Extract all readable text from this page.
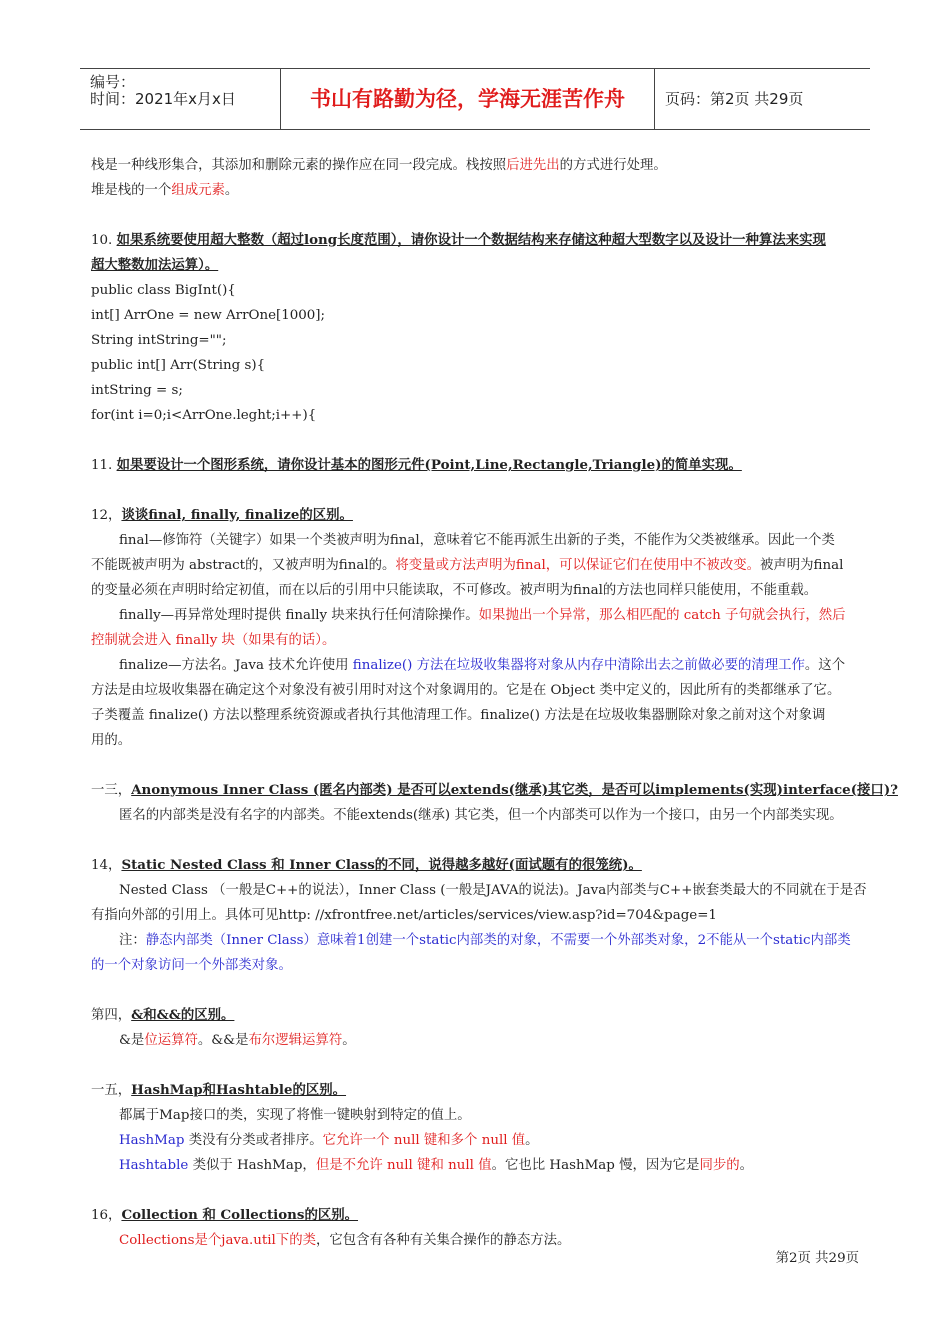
编号：
时间：2021年x月x日	书山有路勤为径，学海无涯苦作舟	页码：第2页 共29页
栈是一种线形集合，其添加和删除元素的操作应在同一段完成。栈按照后进先出的方式进行处理。
堆是栈的一个组成元素。
10. 如果系统要使用超大整数（超过long长度范围），请你设计一个数据结构来存储这种超大型数字以及设计一种算法来实现
超大整数加法运算）。
public class BigInt(){
int[] ArrOne = new ArrOne[1000];
String intString="";
public int[] Arr(String s){
intString = s;
for(int i=0;i<ArrOne.leght;i++){
11. 如果要设计一个图形系统，请你设计基本的图形元件(Point,Line,Rectangle,Triangle)的简单实现。
12，谈谈final, finally, finalize的区别。
final—修饰符（关键字）如果一个类被声明为final，意味着它不能再派生出新的子类，不能作为父类被继承。因此一个类
不能既被声明为 abstract的，又被声明为final的。将变量或方法声明为final，可以保证它们在使用中不被改变。被声明为final
的变量必须在声明时给定初值，而在以后的引用中只能读取，不可修改。被声明为final的方法也同样只能使用，不能重载。
finally—再异常处理时提供 finally 块来执行任何清除操作。如果抛出一个异常，那么相匹配的 catch 子句就会执行，然后
控制就会进入 finally 块（如果有的话）。
finalize—方法名。Java 技术允许使用 finalize() 方法在垃圾收集器将对象从内存中清除出去之前做必要的清理工作。这个
方法是由垃圾收集器在确定这个对象没有被引用时对这个对象调用的。它是在 Object 类中定义的，因此所有的类都继承了它。
子类覆盖 finalize() 方法以整理系统资源或者执行其他清理工作。finalize() 方法是在垃圾收集器删除对象之前对这个对象调
用的。
一三，Anonymous Inner Class (匿名内部类) 是否可以extends(继承)其它类，是否可以implements(实现)interface(接口)?
匿名的内部类是没有名字的内部类。不能extends(继承) 其它类，但一个内部类可以作为一个接口，由另一个内部类实现。
14，Static Nested Class 和 Inner Class的不同，说得越多越好(面试题有的很笼统)。
Nested Class （一般是C++的说法），Inner Class (一般是JAVA的说法)。Java内部类与C++嵌套类最大的不同就在于是否
有指向外部的引用上。具体可见http: //xfrontfree.net/articles/services/view.asp?id=704&page=1
注：静态内部类（Inner Class）意味着1创建一个static内部类的对象，不需要一个外部类对象，2不能从一个static内部类
的一个对象访问一个外部类对象。
第四，&和&&的区别。
&是位运算符。&&是布尔逻辑运算符。
一五，HashMap和Hashtable的区别。
都属于Map接口的类，实现了将惟一键映射到特定的值上。
HashMap 类没有分类或者排序。它允许一个 null 键和多个 null 值。
Hashtable 类似于 HashMap，但是不允许 null 键和 null 值。它也比 HashMap 慢，因为它是同步的。
16，Collection 和 Collections的区别。
Collections是个java.util下的类，它包含有各种有关集合操作的静态方法。
第2页 共29页
